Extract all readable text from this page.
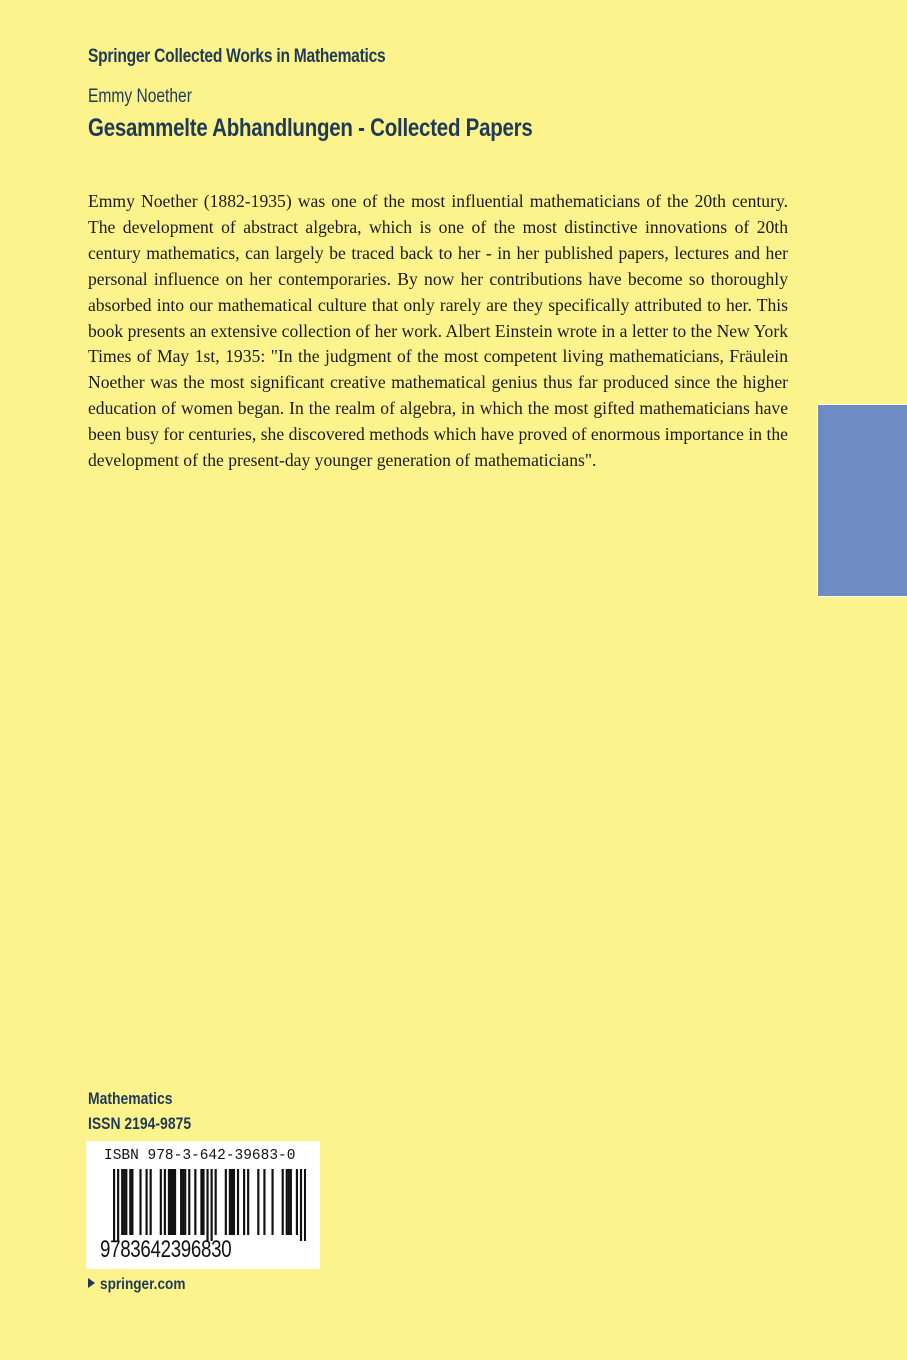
Springer Collected Works in Mathematics
Emmy Noether
Gesammelte Abhandlungen - Collected Papers

Emmy Noether (1882-1935) was one of the most influential mathematicians of the 20th century. The development of abstract algebra, which is one of the most distinctive innovations of 20th century mathematics, can largely be traced back to her - in her published papers, lectures and her personal influence on her contemporaries. By now her contributions have become so thoroughly absorbed into our mathematical culture that only rarely are they specifically attributed to her. This book presents an extensive collection of her work. Albert Einstein wrote in a letter to the New York Times of May 1st, 1935: "In the judgment of the most competent living mathematicians, Fräulein Noether was the most significant creative mathematical genius thus far produced since the higher education of women began. In the realm of algebra, in which the most gifted mathematicians have been busy for centuries, she discovered methods which have proved of enormous importance in the development of the present-day younger generation of mathematicians".

Mathematics
ISSN 2194-9875
ISBN 978-3-642-39683-0
9783642396830
springer.com
